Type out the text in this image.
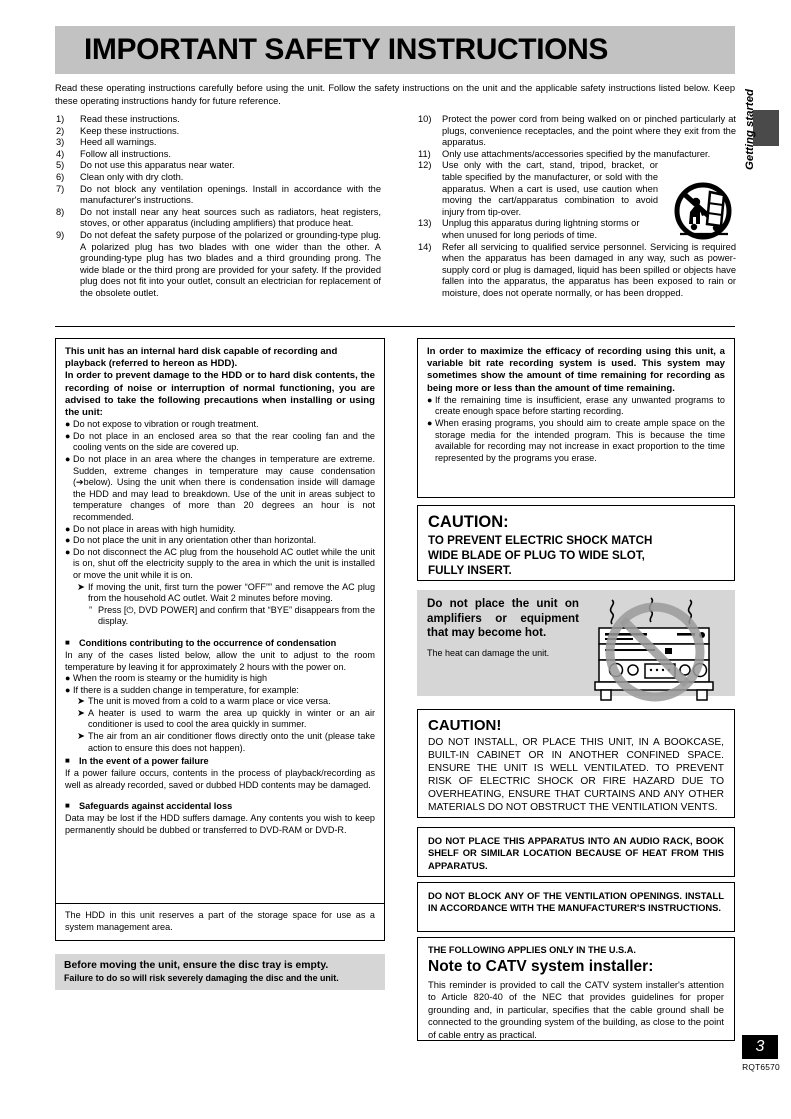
IMPORTANT SAFETY INSTRUCTIONS
Read these operating instructions carefully before using the unit. Follow the safety instructions on the unit and the applicable safety instructions listed below. Keep these operating instructions handy for future reference.
1)	Read these instructions.
2)	Keep these instructions.
3)	Heed all warnings.
4)	Follow all instructions.
5)	Do not use this apparatus near water.
6)	Clean only with dry cloth.
7)	Do not block any ventilation openings. Install in accordance with the manufacturer's instructions.
8)	Do not install near any heat sources such as radiators, heat registers, stoves, or other apparatus (including amplifiers) that produce heat.
9)	Do not defeat the safety purpose of the polarized or grounding-type plug. A polarized plug has two blades with one wider than the other. A grounding-type plug has two blades and a third grounding prong. The wide blade or the third prong are provided for your safety. If the provided plug does not fit into your outlet, consult an electrician for replacement of the obsolete outlet.
10)	Protect the power cord from being walked on or pinched particularly at plugs, convenience receptacles, and the point where they exit from the apparatus.
11)	Only use attachments/accessories specified by the manufacturer.
12)	Use only with the cart, stand, tripod, bracket, or table specified by the manufacturer, or sold with the apparatus. When a cart is used, use caution when moving the cart/apparatus combination to avoid injury from tip-over.
13)	Unplug this apparatus during lightning storms or when unused for long periods of time.
14)	Refer all servicing to qualified service personnel. Servicing is required when the apparatus has been damaged in any way, such as power-supply cord or plug is damaged, liquid has been spilled or objects have fallen into the apparatus, the apparatus has been exposed to rain or moisture, does not operate normally, or has been dropped.
This unit has an internal hard disk capable of recording and playback (referred to hereon as HDD).
In order to prevent damage to the HDD or to hard disk contents, the recording of noise or interruption of normal functioning, you are advised to take the following precautions when installing or using the unit:
● Do not expose to vibration or rough treatment.
● Do not place in an enclosed area so that the rear cooling fan and the cooling vents on the side are covered up.
● Do not place in an area where the changes in temperature are extreme. Sudden, extreme changes in temperature may cause condensation (➔below). Using the unit when there is condensation inside will damage the HDD and may lead to breakdown. Use of the unit in areas subject to temperature changes of more than 20 degrees an hour is not recommended.
● Do not place in areas with high humidity.
● Do not place the unit in any orientation other than horizontal.
● Do not disconnect the AC plug from the household AC outlet while the unit is on, shut off the electricity supply to the area in which the unit is installed or move the unit while it is on.
➤ If moving the unit, first turn the power “OFF”” and remove the AC plug from the household AC outlet. Wait 2 minutes before moving.
” Press [⏻, DVD POWER] and confirm that “BYE” disappears from the display.
■ Conditions contributing to the occurrence of condensation
In any of the cases listed below, allow the unit to adjust to the room temperature by leaving it for approximately 2 hours with the power on.
● When the room is steamy or the humidity is high
● If there is a sudden change in temperature, for example:
➤ The unit is moved from a cold to a warm place or vice versa.
➤ A heater is used to warm the area up quickly in winter or an air conditioner is used to cool the area quickly in summer.
➤ The air from an air conditioner flows directly onto the unit (please take action to ensure this does not happen).
■ In the event of a power failure
If a power failure occurs, contents in the process of playback/recording as well as already recorded, saved or dubbed HDD contents may be damaged.
■ Safeguards against accidental loss
Data may be lost if the HDD suffers damage. Any contents you wish to keep permanently should be dubbed or transferred to DVD-RAM or DVD-R.
The HDD in this unit reserves a part of the storage space for use as a system management area.
Before moving the unit, ensure the disc tray is empty.
Failure to do so will risk severely damaging the disc and the unit.
In order to maximize the efficacy of recording using this unit, a variable bit rate recording system is used. This system may sometimes show the amount of time remaining for recording as being more or less than the amount of time remaining.
● If the remaining time is insufficient, erase any unwanted programs to create enough space before starting recording.
● When erasing programs, you should aim to create ample space on the storage media for the intended program. This is because the time available for recording may not increase in exact proportion to the time represented by the programs you erase.
CAUTION:
TO PREVENT ELECTRIC SHOCK MATCH
WIDE BLADE OF PLUG TO WIDE SLOT,
FULLY INSERT.
Do not place the unit on amplifiers or equipment that may become hot.
The heat can damage the unit.
CAUTION!
DO NOT INSTALL, OR PLACE THIS UNIT, IN A BOOKCASE, BUILT-IN CABINET OR IN ANOTHER CONFINED SPACE. ENSURE THE UNIT IS WELL VENTILATED. TO PREVENT RISK OF ELECTRIC SHOCK OR FIRE HAZARD DUE TO OVERHEATING, ENSURE THAT CURTAINS AND ANY OTHER MATERIALS DO NOT OBSTRUCT THE VENTILATION VENTS.
DO NOT PLACE THIS APPARATUS INTO AN AUDIO RACK, BOOK SHELF OR SIMILAR LOCATION BECAUSE OF HEAT FROM THIS APPARATUS.
DO NOT BLOCK ANY OF THE VENTILATION OPENINGS. INSTALL IN ACCORDANCE WITH THE MANUFACTURER'S INSTRUCTIONS.
THE FOLLOWING APPLIES ONLY IN THE U.S.A.
Note to CATV system installer:
This reminder is provided to call the CATV system installer's attention to Article 820-40 of the NEC that provides guidelines for proper grounding and, in particular, specifies that the cable ground shall be connected to the grounding system of the building, as close to the point of cable entry as practical.
Getting started
3
RQT6570
